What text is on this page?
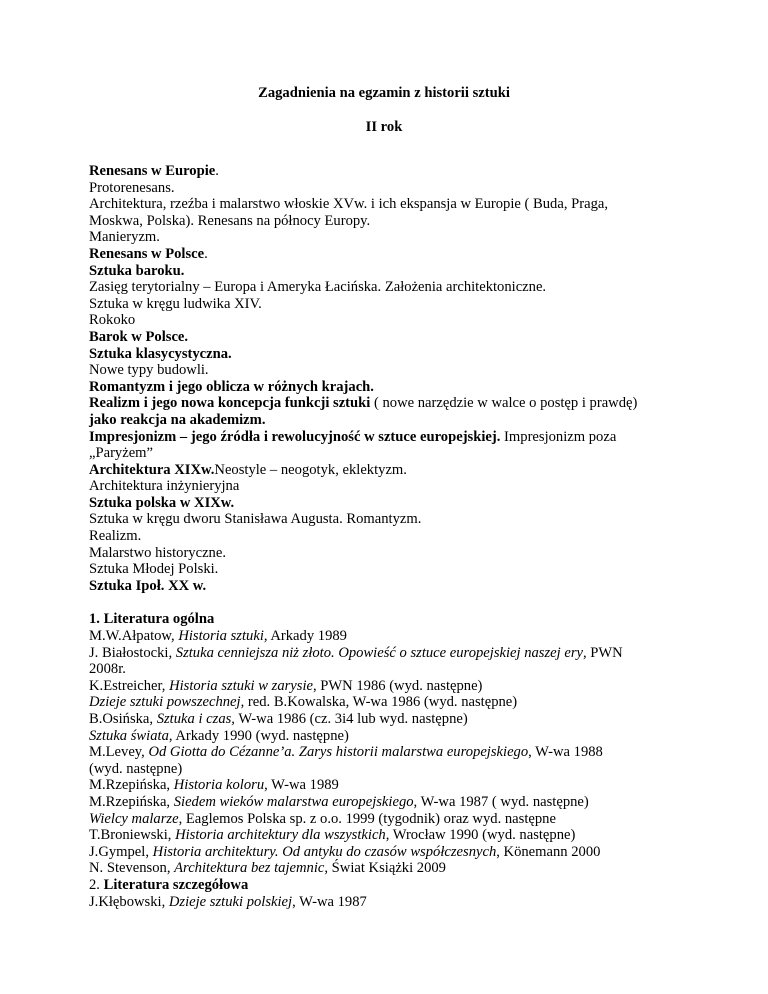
Zagadnienia na egzamin z historii sztuki
II rok
Renesans w Europie.
Protorenesans.
Architektura, rzeźba i malarstwo włoskie XVw. i ich ekspansja w Europie ( Buda, Praga,
Moskwa, Polska). Renesans na północy Europy.
Manieryzm.
Renesans w Polsce.
Sztuka baroku.
Zasięg terytorialny – Europa i Ameryka Łacińska. Założenia architektoniczne.
Sztuka w kręgu ludwika XIV.
Rokoko
Barok w Polsce.
Sztuka klasycystyczna.
Nowe typy budowli.
Romantyzm i jego oblicza w różnych krajach.
Realizm i jego nowa koncepcja funkcji sztuki ( nowe narzędzie w walce o postęp i prawdę)
jako reakcja na akademizm.
Impresjonizm – jego źródła i rewolucyjność w sztuce europejskiej. Impresjonizm poza
„Paryżem”
Architektura XIXw.Neostyle – neogotyk, eklektyzm.
Architektura inżynieryjna
Sztuka polska w XIXw.
Sztuka w kręgu dworu Stanisława Augusta. Romantyzm.
Realizm.
Malarstwo historyczne.
Sztuka Młodej Polski.
Sztuka Ipoł. XX w.
1. Literatura ogólna
M.W.Ałpatow, Historia sztuki, Arkady 1989
J. Białostocki, Sztuka cenniejsza niż złoto. Opowieść o sztuce europejskiej naszej ery, PWN
2008r.
K.Estreicher, Historia sztuki w zarysie, PWN 1986 (wyd. następne)
Dzieje sztuki powszechnej, red. B.Kowalska, W-wa 1986 (wyd. następne)
B.Osińska, Sztuka i czas, W-wa 1986 (cz. 3i4 lub wyd. następne)
Sztuka świata, Arkady 1990 (wyd. następne)
M.Levey, Od Giotta do Cézanne’a. Zarys historii malarstwa europejskiego, W-wa 1988
(wyd. następne)
M.Rzepińska, Historia koloru, W-wa 1989
M.Rzepińska, Siedem wieków malarstwa europejskiego, W-wa 1987 ( wyd. następne)
Wielcy malarze, Eaglemos Polska sp. z o.o. 1999 (tygodnik) oraz wyd. następne
T.Broniewski, Historia architektury dla wszystkich, Wrocław 1990 (wyd. następne)
J.Gympel, Historia architektury. Od antyku do czasów współczesnych, Könemann 2000
N. Stevenson, Architektura bez tajemnic, Świat Książki 2009
2. Literatura szczegółowa
J.Kłębowski, Dzieje sztuki polskiej, W-wa 1987
